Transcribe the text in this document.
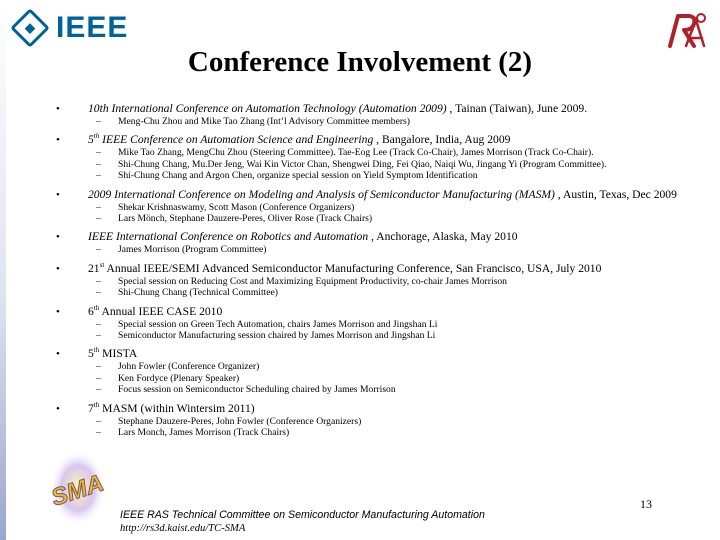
◆ IEEE
Conference Involvement (2)
• 10th International Conference on Automation Technology (Automation 2009) , Tainan (Taiwan), June 2009.
– Meng-Chu Zhou and Mike Tao Zhang (Int’l Advisory Committee members)
• 5th IEEE Conference on Automation Science and Engineering , Bangalore, India, Aug 2009
– Mike Tao Zhang, MengChu Zhou (Steering Committee). Tae-Eog Lee (Track Co-Chair), James Morrison (Track Co-Chair).
– Shi-Chung Chang, Mu.Der Jeng, Wai Kin Victor Chan, Shengwei Ding, Fei Qiao, Naiqi Wu, Jingang Yi (Program Committee).
– Shi-Chung Chang and Argon Chen, organize special session on Yield Symptom Identification
• 2009 International Conference on Modeling and Analysis of Semiconductor Manufacturing (MASM) , Austin, Texas, Dec 2009
– Shekar Krishnaswamy, Scott Mason (Conference Organizers)
– Lars Mönch, Stephane Dauzere-Peres, Oliver Rose (Track Chairs)
• IEEE International Conference on Robotics and Automation , Anchorage, Alaska, May 2010
– James Morrison (Program Committee)
• 21st Annual IEEE/SEMI Advanced Semiconductor Manufacturing Conference, San Francisco, USA, July 2010
– Special session on Reducing Cost and Maximizing Equipment Productivity, co-chair James Morrison
– Shi-Chung Chang (Technical Committee)
• 6th Annual IEEE CASE 2010
– Special session on Green Tech Automation, chairs James Morrison and Jingshan Li
– Semiconductor Manufacturing session chaired by James Morrison and Jingshan Li
• 5th MISTA
– John Fowler (Conference Organizer)
– Ken Fordyce (Plenary Speaker)
– Focus session on Semiconductor Scheduling chaired by James Morrison
• 7th MASM (within Wintersim 2011)
– Stephane Dauzere-Peres, John Fowler (Conference Organizers)
– Lars Monch, James Morrison (Track Chairs)
SMA
IEEE RAS Technical Committee on Semiconductor Manufacturing Automation
http://rs3d.kaist.edu/TC-SMA
13
